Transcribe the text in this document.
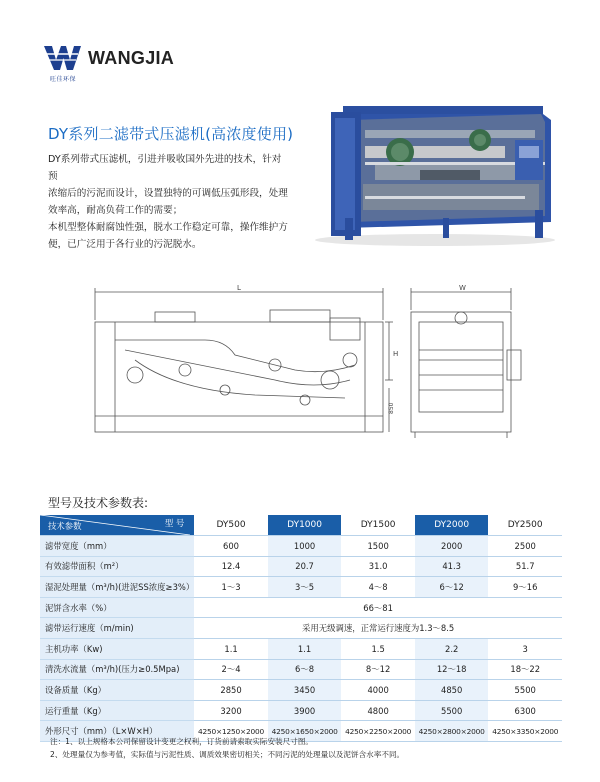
旺佳环保
WANGJIA
DY系列二滤带式压滤机(高浓度使用)

DY系列带式压滤机，引进并吸收国外先进的技术，针对预

浓缩后的污泥而设计，设置独特的可调低压弧形段，处理

效率高，耐高负荷工作的需要；

本机型整体耐腐蚀性强，脱水工作稳定可靠，操作维护方

便，已广泛用于各行业的污泥脱水。

L	W
H
850
型号及技术参数表:
技术参数 型 号	DY500	DY1000	DY1500	DY2000	DY2500
滤带宽度（mm）	600	1000	1500	2000	2500
有效滤带面积（m²）	12.4	20.7	31.0	41.3	51.7
湿泥处理量（m³/h)(进泥SS浓度≥3%）	1～3	3～5	4～8	6～12	9～16
泥饼含水率（%）	66～81				
滤带运行速度（m/min)	采用无级调速，正常运行速度为1.3～8.5				
主机功率（Kw)	1.1	1.1	1.5	2.2	3
清洗水流量（m³/h)(压力≥0.5Mpa)	2～4	6～8	8～12	12～18	18～22
设备质量（Kg）	2850	3450	4000	4850	5500
运行重量（Kg）	3200	3900	4800	5500	6300
外形尺寸（mm）（L×W×H）	4250×1250×2000	4250×1650×2000	4250×2250×2000	4250×2800×2000	4250×3350×2000
注：1、以上规格本公司保留设计变更之权利，订货前请索取实际安装尺寸图。
2、处理量仅为参考值，实际值与污泥性质、调质效果密切相关；不同污泥的处理量以及泥饼含水率不同。
